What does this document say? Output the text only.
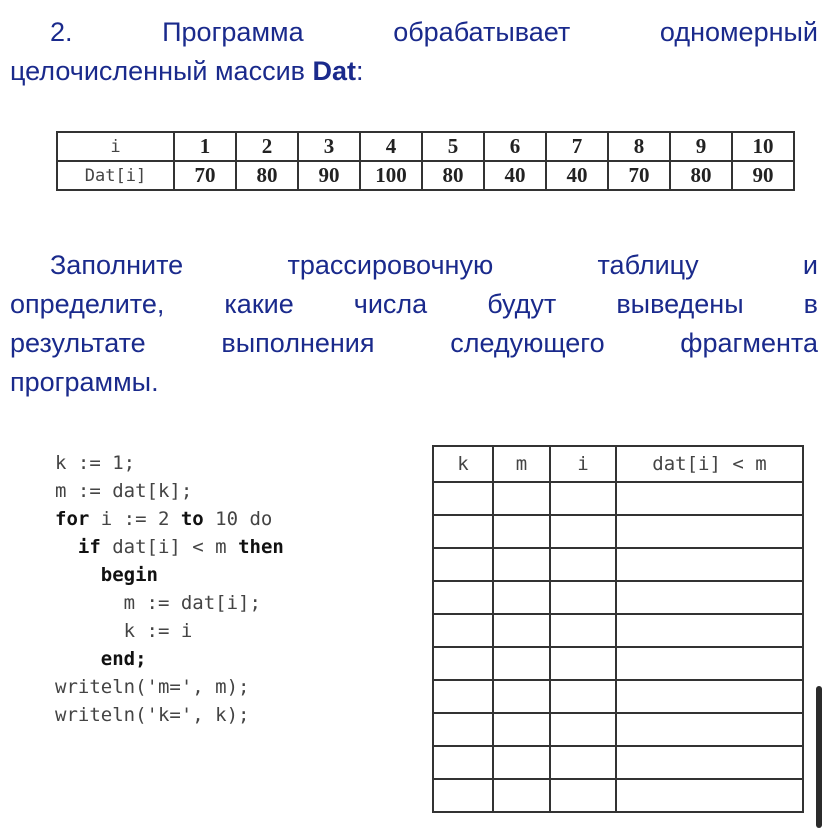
2.	Программа	обрабатывает	одномерный
целочисленный массив Dat :
i	1	2	3	4	5	6	7	8	9	10
Dat[i]	70	80	90	100	80	40	40	70	80	90
Заполните	трассировочную	таблицу	и
определите, какие числа будут выведены в
результате	выполнения	следующего	фрагмента
программы.
k := 1;
m := dat[k];
for i := 2 to 10 do
if dat[i] < m then
begin
m := dat[i];
k := i
end;
writeln('m=', m);
writeln('k=', k);
k	m	i	dat[i] < m
